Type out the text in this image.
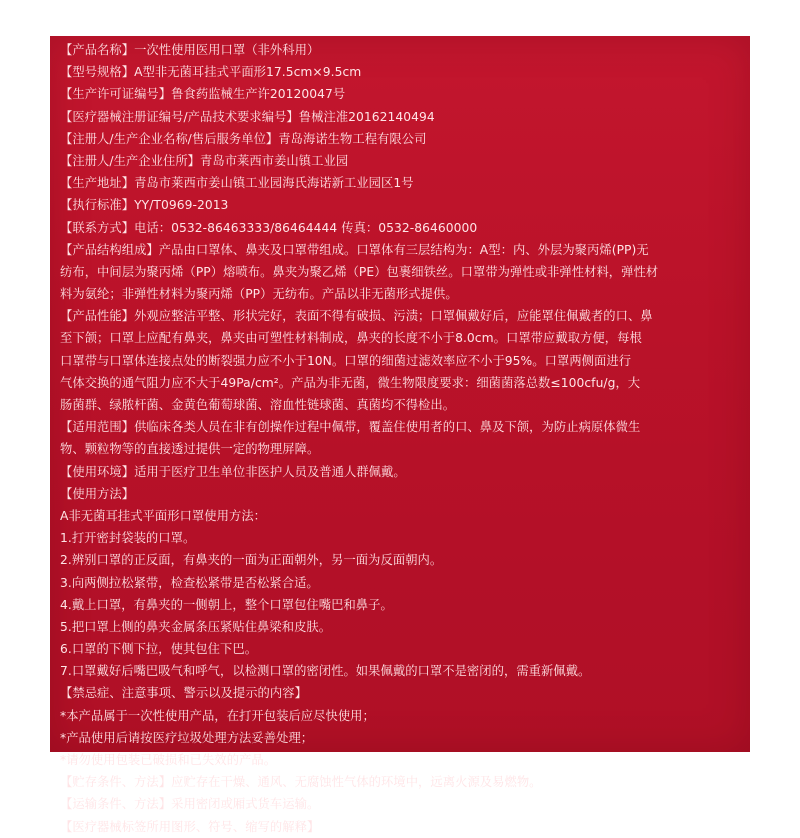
【产品名称】一次性使用医用口罩（非外科用）
【型号规格】A型非无菌耳挂式平面形17.5cm×9.5cm
【生产许可证编号】鲁食药监械生产许20120047号
【医疗器械注册证编号/产品技术要求编号】鲁械注准20162140494
【注册人/生产企业名称/售后服务单位】青岛海诺生物工程有限公司
【注册人/生产企业住所】青岛市莱西市姜山镇工业园
【生产地址】青岛市莱西市姜山镇工业园海氏海诺新工业园区1号
【执行标准】YY/T0969-2013
【联系方式】电话：0532-86463333/86464444 传真：0532-86460000
【产品结构组成】产品由口罩体、鼻夹及口罩带组成。口罩体有三层结构为：A型：内、外层为聚丙烯(PP)无
纺布，中间层为聚丙烯（PP）熔喷布。鼻夹为聚乙烯（PE）包裹细铁丝。口罩带为弹性或非弹性材料，弹性材
料为氨纶；非弹性材料为聚丙烯（PP）无纺布。产品以非无菌形式提供。
【产品性能】外观应整洁平整、形状完好，表面不得有破损、污渍；口罩佩戴好后，应能罩住佩戴者的口、鼻
至下颌；口罩上应配有鼻夹，鼻夹由可塑性材料制成，鼻夹的长度不小于8.0cm。口罩带应戴取方便，每根
口罩带与口罩体连接点处的断裂强力应不小于10N。口罩的细菌过滤效率应不小于95%。口罩两侧面进行
气体交换的通气阻力应不大于49Pa/cm²。产品为非无菌，微生物限度要求：细菌菌落总数≤100cfu/g，大
肠菌群、绿脓杆菌、金黄色葡萄球菌、溶血性链球菌、真菌均不得检出。
【适用范围】供临床各类人员在非有创操作过程中佩带，覆盖住使用者的口、鼻及下颌，为防止病原体微生
物、颗粒物等的直接透过提供一定的物理屏障。
【使用环境】适用于医疗卫生单位非医护人员及普通人群佩戴。
【使用方法】
A非无菌耳挂式平面形口罩使用方法：
1.打开密封袋装的口罩。
2.辨别口罩的正反面，有鼻夹的一面为正面朝外，另一面为反面朝内。
3.向两侧拉松紧带，检查松紧带是否松紧合适。
4.戴上口罩，有鼻夹的一侧朝上，整个口罩包住嘴巴和鼻子。
5.把口罩上侧的鼻夹金属条压紧贴住鼻梁和皮肤。
6.口罩的下侧下拉，使其包住下巴。
7.口罩戴好后嘴巴吸气和呼气，以检测口罩的密闭性。如果佩戴的口罩不是密闭的，需重新佩戴。
【禁忌症、注意事项、警示以及提示的内容】
*本产品属于一次性使用产品，在打开包装后应尽快使用；
*产品使用后请按医疗垃圾处理方法妥善处理；
*请勿使用包装已破损和已失效的产品。
【贮存条件、方法】应贮存在干燥、通风、无腐蚀性气体的环境中，远离火源及易燃物。
【运输条件、方法】采用密闭或厢式货车运输。
【医疗器械标签所用图形、符号、缩写的解释】
